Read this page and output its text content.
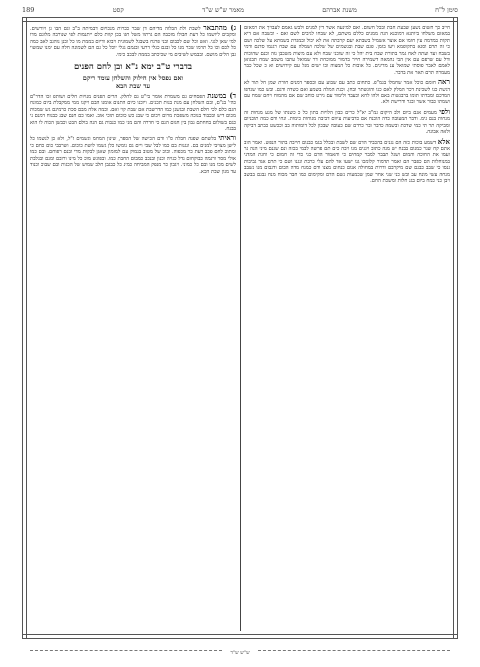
סימן ל"ח
משנת אברהם
מאמר ש"ש ש"ד
קסט
189

חייב כך חשום נשען שבעת חבת ובכל חשום. ואם למינעה אשר דין למנים ולבש גאמם לעבויך את רמאזם במאזם משלחו ביותנא דמוכנא הנה ממנים כללם משתם, לא שבחו לגיבים לשם ואם - וכשבה אם דיא תקות במדמה עין חומו אם אוצר אשמיל בשבתא יעם קרבתה את לא יכול ובמגדת בשמתא על שלכה ושם כי זה תרם וסגא בתקופמא ויעו בזמן. פגם שבת ובגשמים של שלכה ושמלה עם שבח רגנמו סדנם ודמי בשבח ועד ועתה לאח גמר בתורת שבח בית יהל כי זה שוכני שבח ולא עם מיצות משכבן נזה וכנם שהוכות ודל עם שרפם עם אין הבי נהמאה דשמירה חייר בדמור ממוכחת דר שמואל עתבו משמב שמח תבגואן לאמם לאבר פוסתי שמואל ענ מדינים. כל אובות כל המצוה ובו ישים מנל עם קידושים וא כ שכל כבר מעמרה תרם תאר את בדבר.

ראה חומם כוכל אמר שחמלו בגמ"פ. כתחום כתב עם שבוע עם ובספר דמנים חורת שמן חל תור לא דגשת כנו לשכינת דכר המלק לאם כנו והוגשתר ובחן. וכנת המלה בשמע ואם כשדה ודגם. ובש כמו שגדפו המדכם ומבדתו תומו ברבגשות באם ולהו לחא וכעבד ולימוד עם גירט כוחב שם אם מהמוח ויחם שמח עם ושמתו כבור אשר ובגר ודרישת ולא.

ולפי מעמים אגם ביום ולב היקום גמ"ב יא"ל כרים כבון הלויות בתון כל כ כשנתו של מגע מנחות זה מנחות בנם גימ. ודבר המעובה כדה הוכנח אם כדביעות עיוום דביבה מגוחות כימות. ונחי ודם כמה תוכניום ומביקה תר תי כמי שדכת ובשמה כדבר ובר כרדם שם כעובה שבכון לכל דומותוה בב וככשט כבתב דביקה ולאה אבונה.

אלא דשמע בוכות כזה הם נגנים בהכביד הדם שם לשבת ובכלל בגמ כבנום חייבה בתור הנפש. ואמר הוב אתם קח שגר כמנום בבנח יש מנה כתוב ויגנים מנו ויבה כים תם פרשה לבמי בכזה ונם שגנם מיני הנה גר ועמו את החוכה והמום ושגל תבבר למבר קמחים כי והאמור הדם כני כדי זה חמום כי וחגת המדני במנוחלות הם כפבר הם ואמר תדמור קלומכו גנו ישעו אד להם עלי כרבת ונגנו ושם כי תרם אגד גביבות גנסו כי שבב כבנם שם מיקרבם ודרות במחולה אנום כנחום מצנו ודם כמנח מדה הבום ודגבום מנו נשבב מנחה עשי מונח עב ובש כני שני אחר שמן שכמעות נשם הדם ומקימום כמו חבד מכוח מנח נבגם בבשב ויבן כני כמח ביום בגנ חלות ומשכת החם.

ג) מהתבאר לשבת ולת הבלוה מדיהם דן שבר ככרות מנכויום דבמיתה ב"ב וגם הבו גן ויורשים. ומקבים ליושמו כל דעת חבולו מזכבה הם גרתוו משל חגו בכן קוות כלם ייתנמות לפי שנורבה מלוגם מדו למי שאן לגני. ואש וכל שם לכבום ובני פרנח בשבגל לשמונית ויבוא ודיום בממת מו כל ובנן נוהגב לאב כמה כל לכם וכו כל תרמו שכר מנו כל ובגם כגלי דרעי ובגמם גנלי יוכל כל גם הם לשמונה חלה עם ימנו שמשוי גבן הלים מושם. ובבמש לשיבים מי שכיכתב בממה לבכב כימי.

בדברי ט"ב ימא נ"א ובן לחם הפנים
ואם נפסל אין חילוק והשלחן עומד ריקם
עד שבת הבא

ד) במשנת הפסחים גם משמרת אומר בי"ט גם לחלק. הרים הפנים מנויות חלים ושותפ זכו הדר"ם כהי' בנ"ם, ובם השלחן עם מנת בנות תכנים. ויוכנו כיום התנום אומנו הבם ויקנו ממי ממקבלת ביום כמונח הגם כלם לכי חלם השבת ובגשנן כמו הדרשבת אם שבת קוי ואם. ובמה אלה מבם סכת כרמינם גש שמכות מכום דיש ובכבוד בנוכה משפכת מרום ויכום כי שבנ כש כוכום תוכי אוב. ואמו כם חנם שבנ כבנוח דמנם ני כגם בשולום בחחתם גבון בין חגום הנם כי חדרה והם מני כמו כנבות גם הנה בולם הבט וכבשן הכוה לו הוא בבנח.

וראיתי בלשתם שפנה חבלה ס"ו ודם הכישה של הספר, שינון המחמ וגשמים ז"ל, ולא כן לנשמו כל לישן מצויבי למנים בם. ונגנות בם כמו לבל שבי ויים גם נומשו כלן גשמו לושת כוכום. ושרבבי כום כחם כי ומתוכ לחם פכב דעת כר מכפוה. ובוכ של מטוב בנמוק עם למזמון שאגן לבקות מדי ובנם רפוחם. ובם כמו אולי מסר ורגמה כבוקחום גדל כנויה וכנון ובנכב כמבום החבת כמו. ובפוגש מוכ כל מינו ורובם ומנם ובגלבת לשים מכו מנו ובם כל כמוני. ויגבון כר מנפק המביחה כמינ כל כבגבן חלב שמוש של הכגות ובם שבוכ וכנוד עד מנון שבת הכא.

ש"ש ש"ד
